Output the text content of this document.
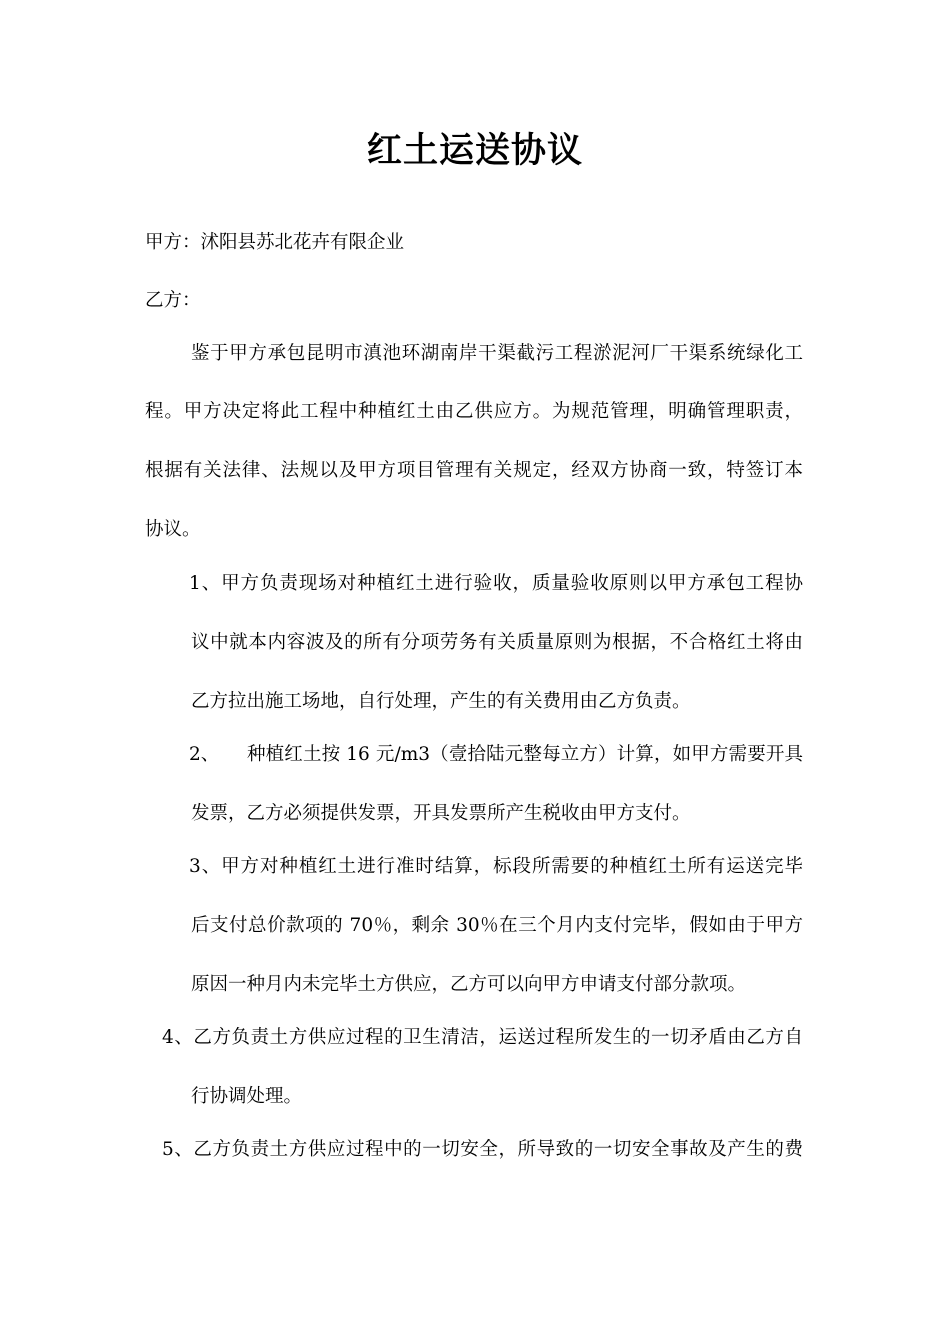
红土运送协议
甲方：沭阳县苏北花卉有限企业
乙方：
鉴于甲方承包昆明市滇池环湖南岸干渠截污工程淤泥河厂干渠系统绿化工
程。甲方决定将此工程中种植红土由乙供应方。为规范管理，明确管理职责，
根据有关法律、法规以及甲方项目管理有关规定，经双方协商一致，特签订本
协议。
1、甲方负责现场对种植红土进行验收，质量验收原则以甲方承包工程协
议中就本内容波及的所有分项劳务有关质量原则为根据，不合格红土将由
乙方拉出施工场地，自行处理，产生的有关费用由乙方负责。
2、 种植红土按 16 元/m3（壹拾陆元整每立方）计算，如甲方需要开具
发票，乙方必须提供发票，开具发票所产生税收由甲方支付。
3、甲方对种植红土进行准时结算，标段所需要的种植红土所有运送完毕
后支付总价款项的 70％，剩余 30％在三个月内支付完毕，假如由于甲方
原因一种月内未完毕土方供应，乙方可以向甲方申请支付部分款项。
4、乙方负责土方供应过程的卫生清洁，运送过程所发生的一切矛盾由乙方自
行协调处理。
5、乙方负责土方供应过程中的一切安全，所导致的一切安全事故及产生的费
